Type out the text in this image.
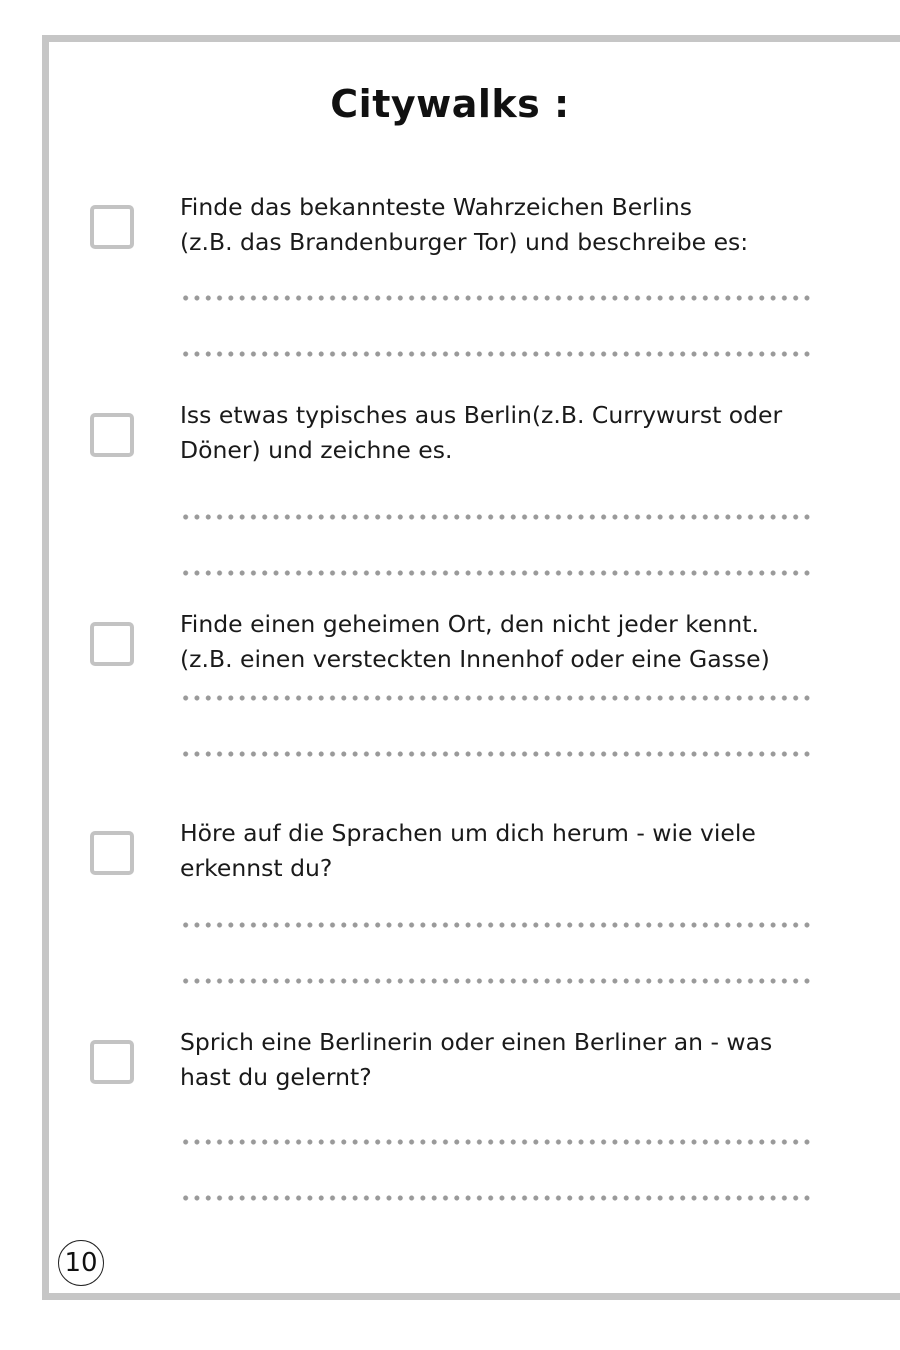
Citywalks :
Finde das bekannteste Wahrzeichen Berlins
(z.B. das Brandenburger Tor) und beschreibe es:
Iss etwas typisches aus Berlin(z.B. Currywurst oder
Döner) und zeichne es.
Finde einen geheimen Ort, den nicht jeder kennt.
(z.B. einen versteckten Innenhof oder eine Gasse)
Höre auf die Sprachen um dich herum - wie viele
erkennst du?
Sprich eine Berlinerin oder einen Berliner an - was
hast du gelernt?
10
